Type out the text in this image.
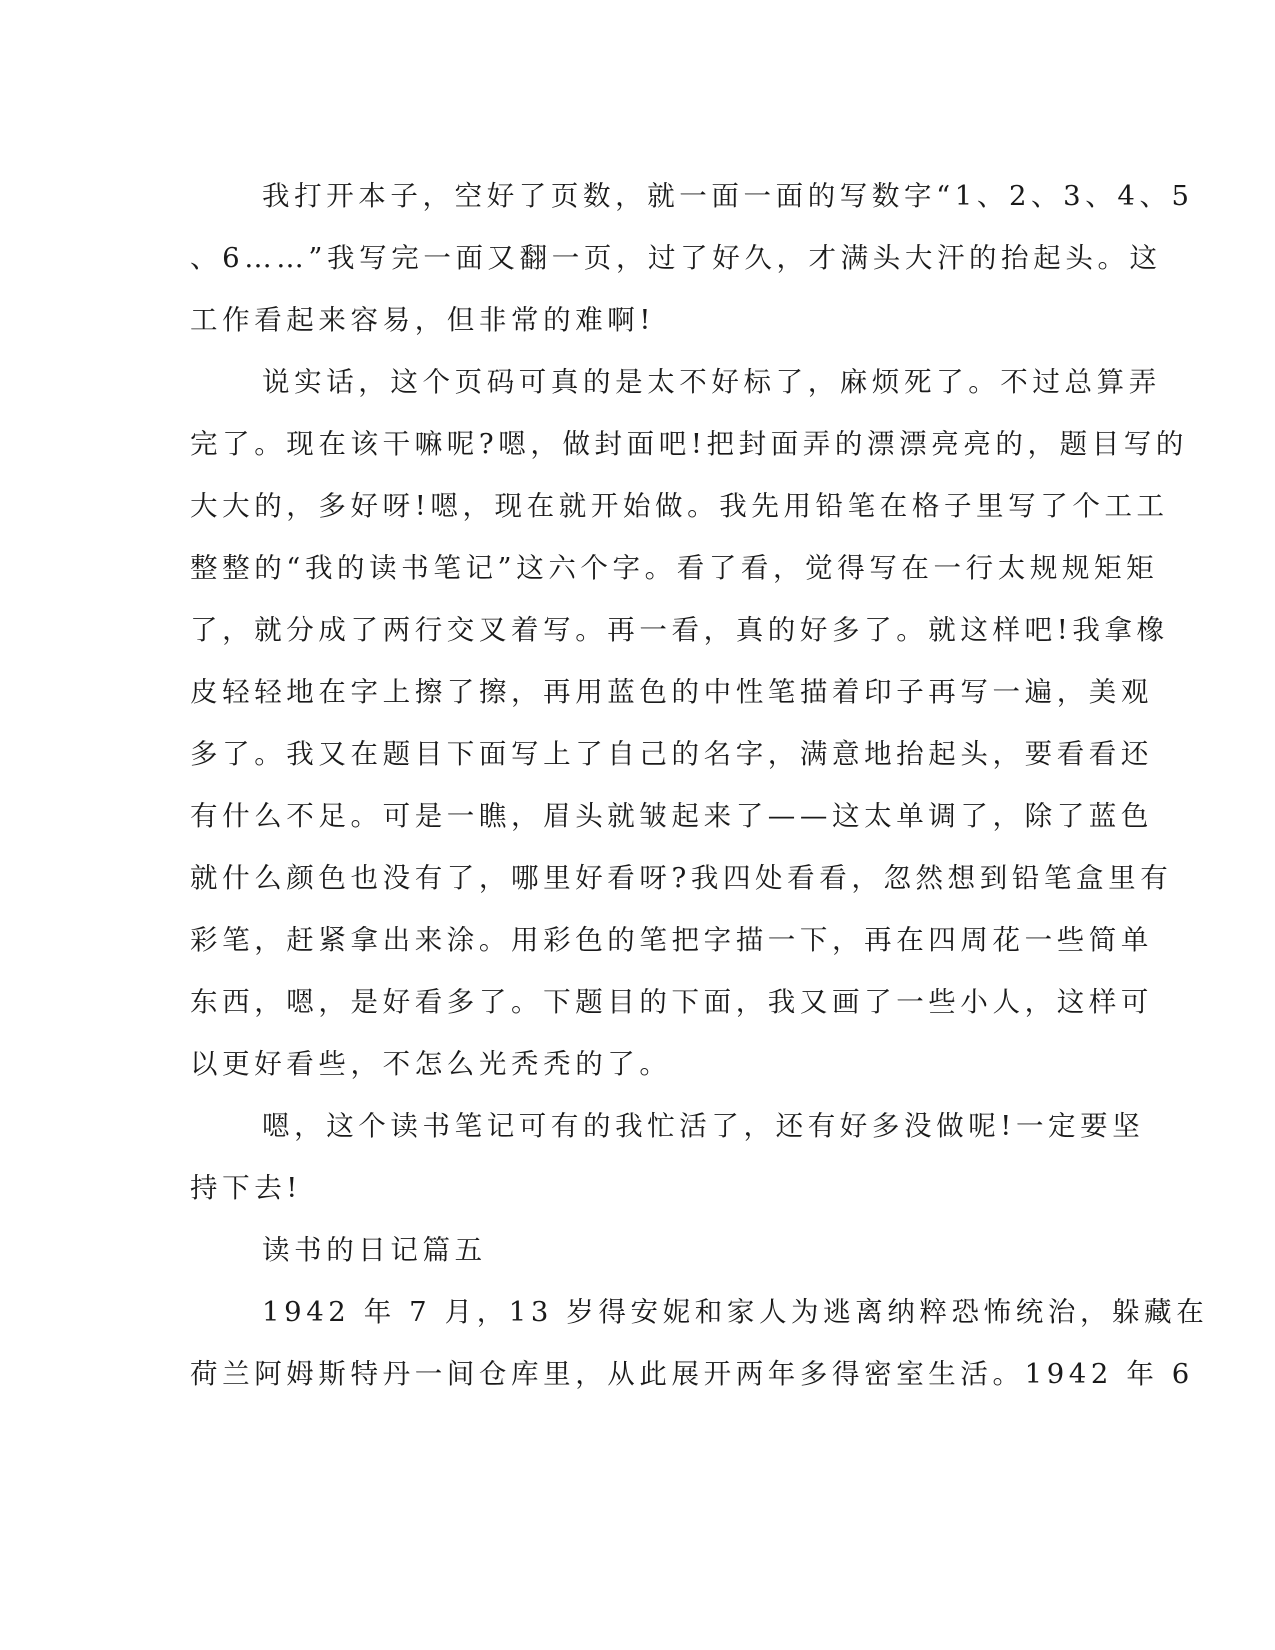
我打开本子，空好了页数，就一面一面的写数字“1、2、3、4、5
、6……”我写完一面又翻一页，过了好久，才满头大汗的抬起头。这
工作看起来容易，但非常的难啊!
说实话，这个页码可真的是太不好标了，麻烦死了。不过总算弄
完了。现在该干嘛呢?嗯，做封面吧!把封面弄的漂漂亮亮的，题目写的
大大的，多好呀!嗯，现在就开始做。我先用铅笔在格子里写了个工工
整整的“我的读书笔记”这六个字。看了看，觉得写在一行太规规矩矩
了，就分成了两行交叉着写。再一看，真的好多了。就这样吧!我拿橡
皮轻轻地在字上擦了擦，再用蓝色的中性笔描着印子再写一遍，美观
多了。我又在题目下面写上了自己的名字，满意地抬起头，要看看还
有什么不足。可是一瞧，眉头就皱起来了——这太单调了，除了蓝色
就什么颜色也没有了，哪里好看呀?我四处看看，忽然想到铅笔盒里有
彩笔，赶紧拿出来涂。用彩色的笔把字描一下，再在四周花一些简单
东西，嗯，是好看多了。下题目的下面，我又画了一些小人，这样可
以更好看些，不怎么光秃秃的了。
嗯，这个读书笔记可有的我忙活了，还有好多没做呢!一定要坚
持下去!
读书的日记篇五
1942 年 7 月，13 岁得安妮和家人为逃离纳粹恐怖统治，躲藏在
荷兰阿姆斯特丹一间仓库里，从此展开两年多得密室生活。1942 年 6
